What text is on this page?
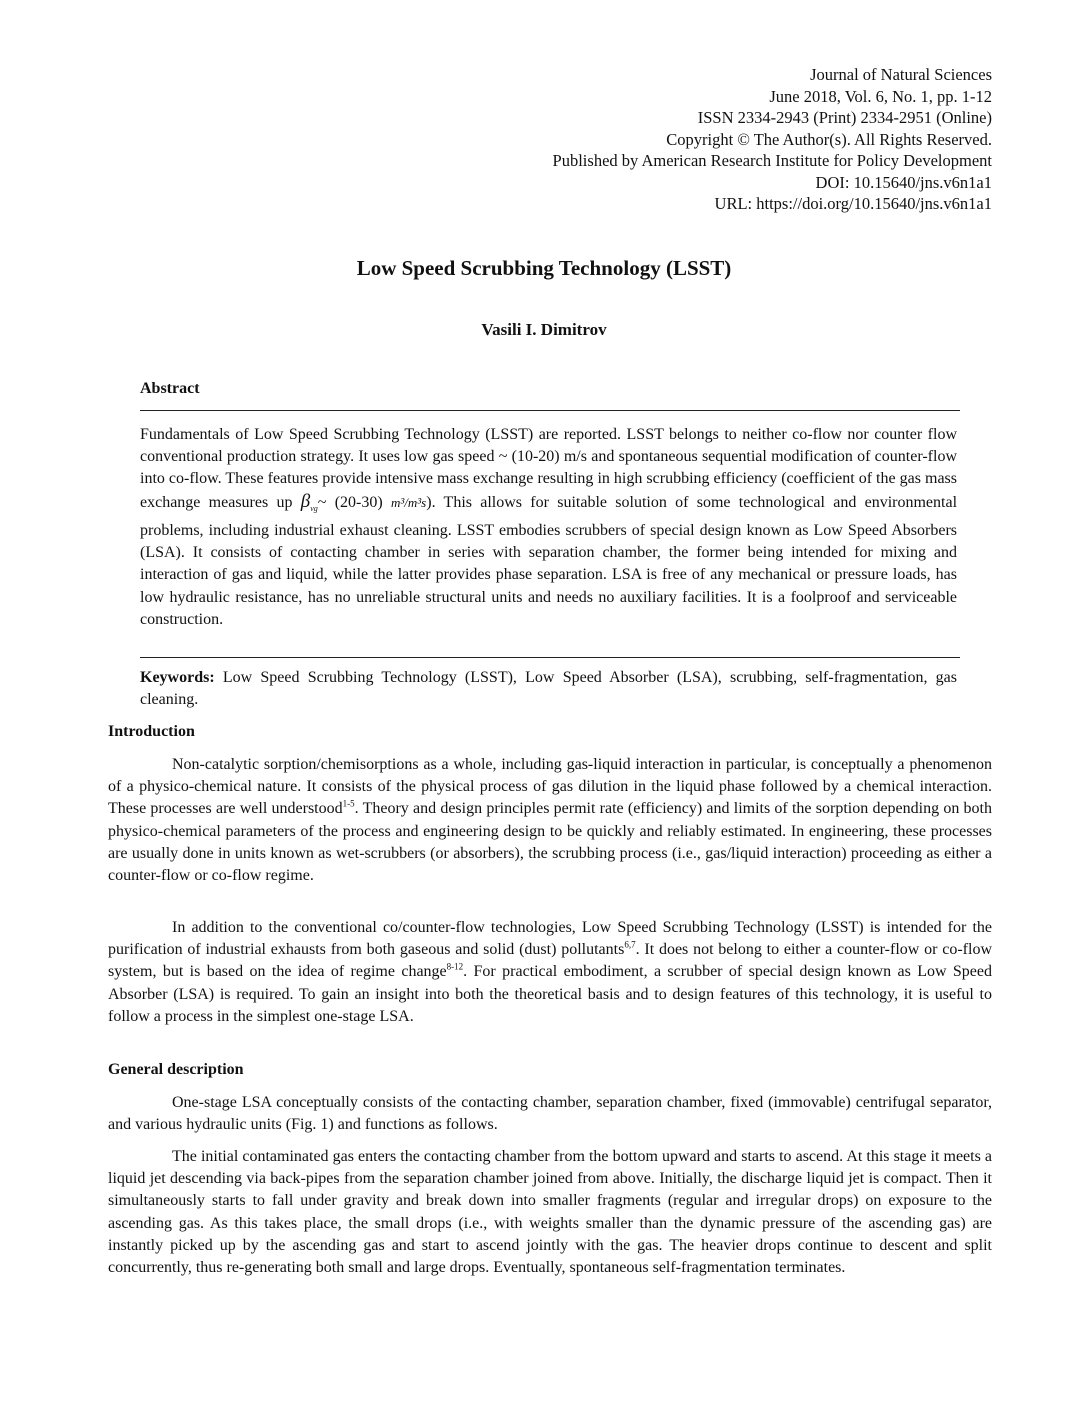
Journal of Natural Sciences
June 2018, Vol. 6, No. 1, pp. 1-12
ISSN 2334-2943 (Print) 2334-2951 (Online)
Copyright © The Author(s). All Rights Reserved.
Published by American Research Institute for Policy Development
DOI: 10.15640/jns.v6n1a1
URL: https://doi.org/10.15640/jns.v6n1a1
Low Speed Scrubbing Technology (LSST)
Vasili I. Dimitrov
Abstract
Fundamentals of Low Speed Scrubbing Technology (LSST) are reported. LSST belongs to neither co-flow nor counter flow conventional production strategy. It uses low gas speed ~ (10-20) m/s and spontaneous sequential modification of counter-flow into co-flow. These features provide intensive mass exchange resulting in high scrubbing efficiency (coefficient of the gas mass exchange measures up $\beta_{\nu g}\sim$ (20-30) m³/m³s). This allows for suitable solution of some technological and environmental problems, including industrial exhaust cleaning. LSST embodies scrubbers of special design known as Low Speed Absorbers (LSA). It consists of contacting chamber in series with separation chamber, the former being intended for mixing and interaction of gas and liquid, while the latter provides phase separation. LSA is free of any mechanical or pressure loads, has low hydraulic resistance, has no unreliable structural units and needs no auxiliary facilities. It is a foolproof and serviceable construction.
Keywords: Low Speed Scrubbing Technology (LSST), Low Speed Absorber (LSA), scrubbing, self-fragmentation, gas cleaning.
Introduction
Non-catalytic sorption/chemisorptions as a whole, including gas-liquid interaction in particular, is conceptually a phenomenon of a physico-chemical nature. It consists of the physical process of gas dilution in the liquid phase followed by a chemical interaction. These processes are well understood$^{1-5}$. Theory and design principles permit rate (efficiency) and limits of the sorption depending on both physico-chemical parameters of the process and engineering design to be quickly and reliably estimated. In engineering, these processes are usually done in units known as wet-scrubbers (or absorbers), the scrubbing process (i.e., gas/liquid interaction) proceeding as either a counter-flow or co-flow regime.
In addition to the conventional co/counter-flow technologies, Low Speed Scrubbing Technology (LSST) is intended for the purification of industrial exhausts from both gaseous and solid (dust) pollutants$^{6,7}$. It does not belong to either a counter-flow or co-flow system, but is based on the idea of regime change$^{8-12}$. For practical embodiment, a scrubber of special design known as Low Speed Absorber (LSA) is required. To gain an insight into both the theoretical basis and to design features of this technology, it is useful to follow a process in the simplest one-stage LSA.
General description
One-stage LSA conceptually consists of the contacting chamber, separation chamber, fixed (immovable) centrifugal separator, and various hydraulic units (Fig. 1) and functions as follows.
The initial contaminated gas enters the contacting chamber from the bottom upward and starts to ascend. At this stage it meets a liquid jet descending via back-pipes from the separation chamber joined from above. Initially, the discharge liquid jet is compact. Then it simultaneously starts to fall under gravity and break down into smaller fragments (regular and irregular drops) on exposure to the ascending gas. As this takes place, the small drops (i.e., with weights smaller than the dynamic pressure of the ascending gas) are instantly picked up by the ascending gas and start to ascend jointly with the gas. The heavier drops continue to descent and split concurrently, thus re-generating both small and large drops. Eventually, spontaneous self-fragmentation terminates.
